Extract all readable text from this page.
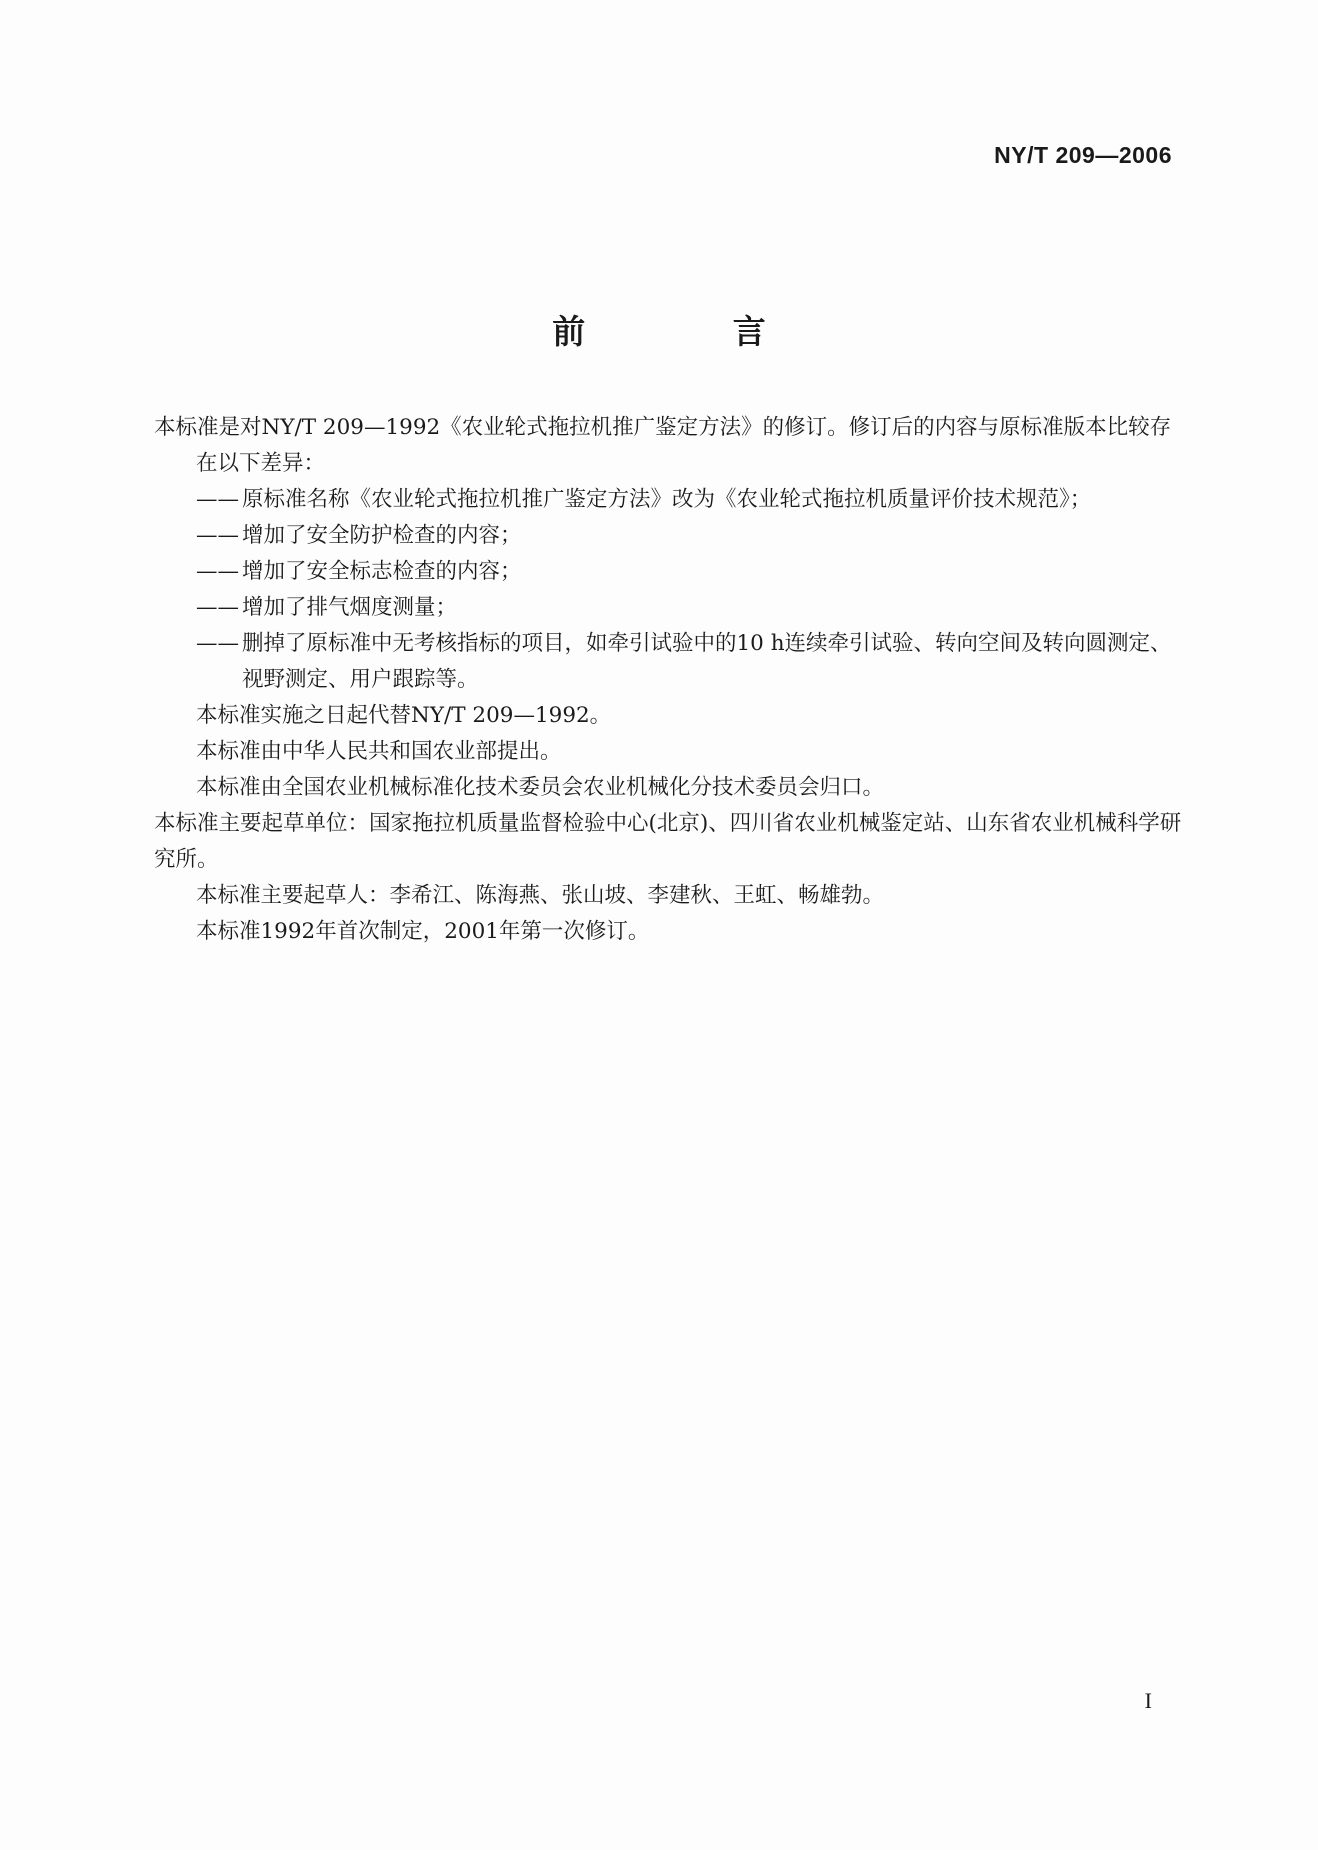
NY/T 209—2006
前 言

本标准是对NY/T 209—1992《农业轮式拖拉机推广鉴定方法》的修订。修订后的内容与原标准版本比较存在以下差异：

—— 原标准名称《农业轮式拖拉机推广鉴定方法》改为《农业轮式拖拉机质量评价技术规范》；

—— 增加了安全防护检查的内容；

—— 增加了安全标志检查的内容；

—— 增加了排气烟度测量；

—— 删掉了原标准中无考核指标的项目，如牵引试验中的10 h连续牵引试验、转向空间及转向圆测定、视野测定、用户跟踪等。

本标准实施之日起代替NY/T 209—1992。

本标准由中华人民共和国农业部提出。

本标准由全国农业机械标准化技术委员会农业机械化分技术委员会归口。

本标准主要起草单位：国家拖拉机质量监督检验中心(北京)、四川省农业机械鉴定站、山东省农业机械科学研究所。

本标准主要起草人：李希江、陈海燕、张山坡、李建秋、王虹、畅雄勃。

本标准1992年首次制定，2001年第一次修订。

I
